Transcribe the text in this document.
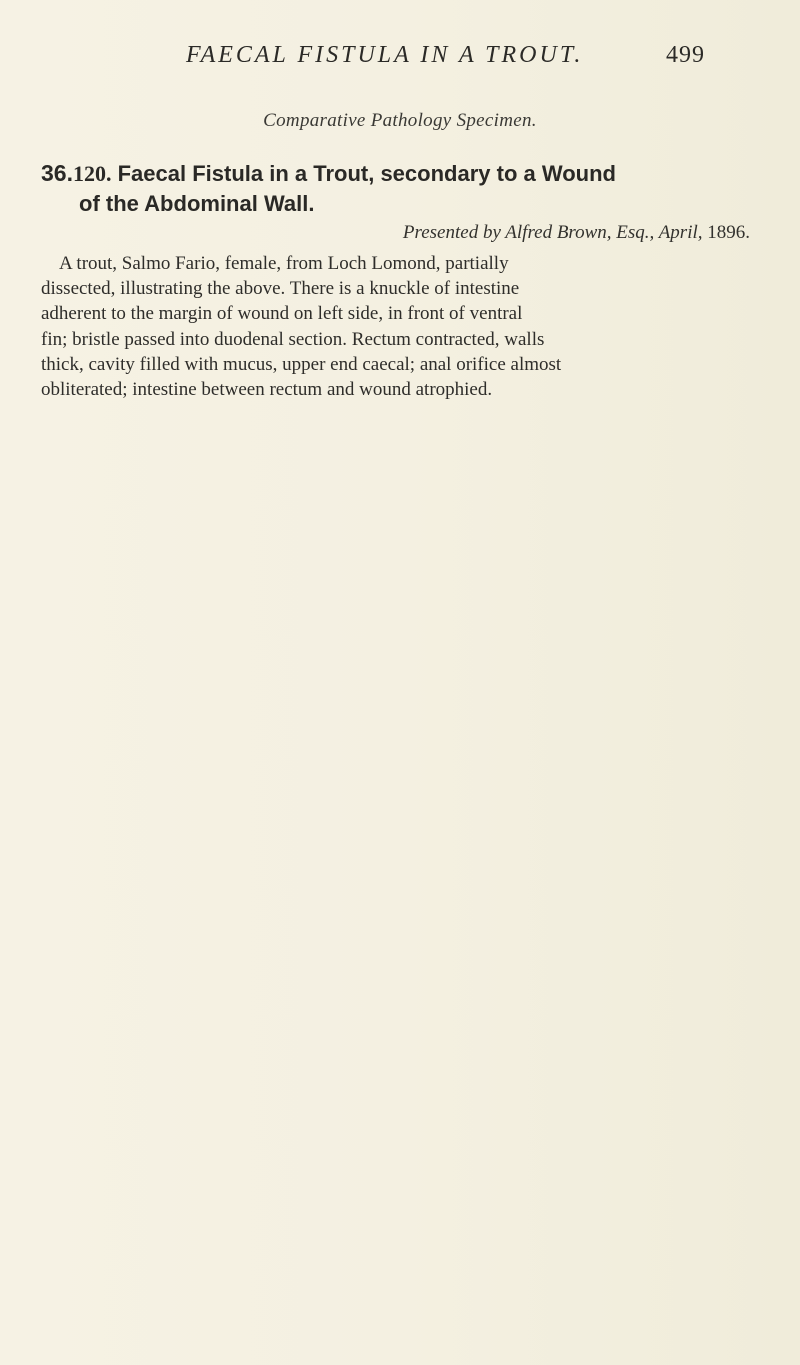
FAECAL FISTULA IN A TROUT.	499
Comparative Pathology Specimen.
36.120. Faecal Fistula in a Trout, secondary to a Wound
of the Abdominal Wall.
Presented by Alfred Brown, Esq., April, 1896.
A trout, Salmo Fario, female, from Loch Lomond, partially
dissected, illustrating the above. There is a knuckle of intestine
adherent to the margin of wound on left side, in front of ventral
fin; bristle passed into duodenal section. Rectum contracted, walls
thick, cavity filled with mucus, upper end caecal; anal orifice almost
obliterated; intestine between rectum and wound atrophied.
